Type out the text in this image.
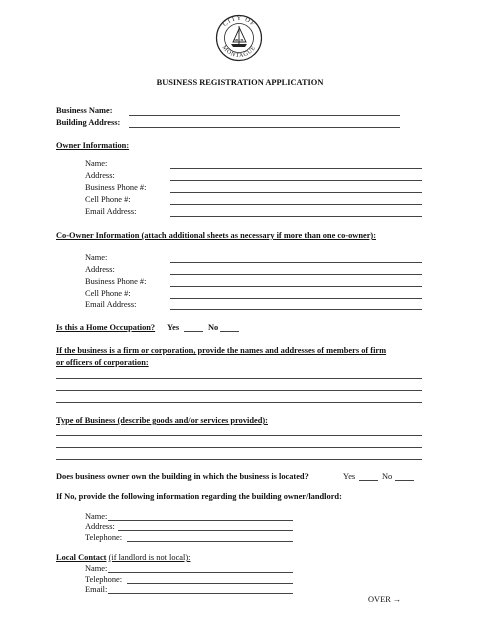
CITY OF
MONTAGUE
MICH.
BUSINESS REGISTRATION APPLICATION
Business Name:
Building Address:
Owner Information:
Name:
Address:
Business Phone #:
Cell Phone #:
Email Address:
Co-Owner Information (attach additional sheets as necessary if more than one co-owner):
Name:
Address:
Business Phone #:
Cell Phone #:
Email Address:
Is this a Home Occupation? Yes	No
If the business is a firm or corporation, provide the names and addresses of members of firm
or officers of corporation:
Type of Business (describe goods and/or services provided):
Does business owner own the building in which the business is located?	Yes	No
If No, provide the following information regarding the building owner/landlord:
Name:
Address:
Telephone:
Local Contact (if landlord is not local):
Name:
Telephone:
Email:
OVER →
